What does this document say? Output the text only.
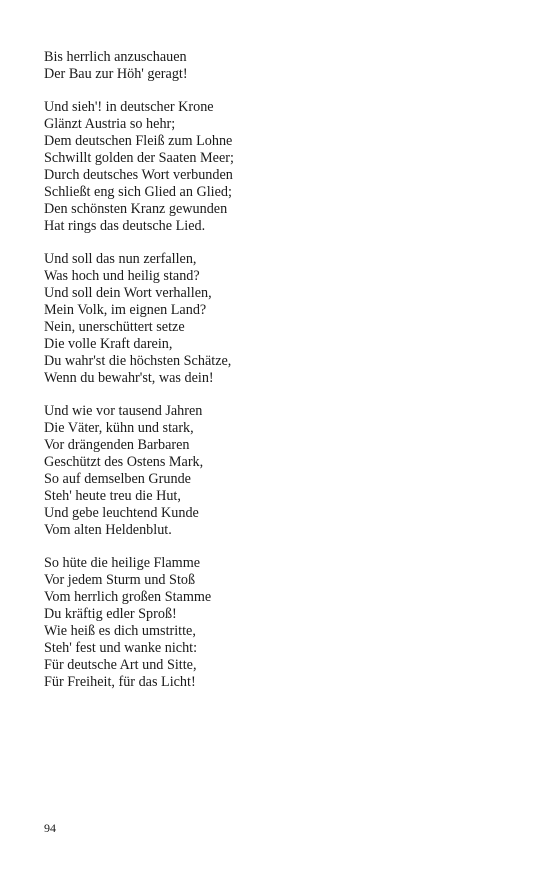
Bis herrlich anzuschauen
Der Bau zur Höh' geragt!
Und sieh'! in deutscher Krone
Glänzt Austria so hehr;
Dem deutschen Fleiß zum Lohne
Schwillt golden der Saaten Meer;
Durch deutsches Wort verbunden
Schließt eng sich Glied an Glied;
Den schönsten Kranz gewunden
Hat rings das deutsche Lied.
Und soll das nun zerfallen,
Was hoch und heilig stand?
Und soll dein Wort verhallen,
Mein Volk, im eignen Land?
Nein, unerschüttert setze
Die volle Kraft darein,
Du wahr'st die höchsten Schätze,
Wenn du bewahr'st, was dein!
Und wie vor tausend Jahren
Die Väter, kühn und stark,
Vor drängenden Barbaren
Geschützt des Ostens Mark,
So auf demselben Grunde
Steh' heute treu die Hut,
Und gebe leuchtend Kunde
Vom alten Heldenblut.
So hüte die heilige Flamme
Vor jedem Sturm und Stoß
Vom herrlich großen Stamme
Du kräftig edler Sproß!
Wie heiß es dich umstritte,
Steh' fest und wanke nicht:
Für deutsche Art und Sitte,
Für Freiheit, für das Licht!
94
